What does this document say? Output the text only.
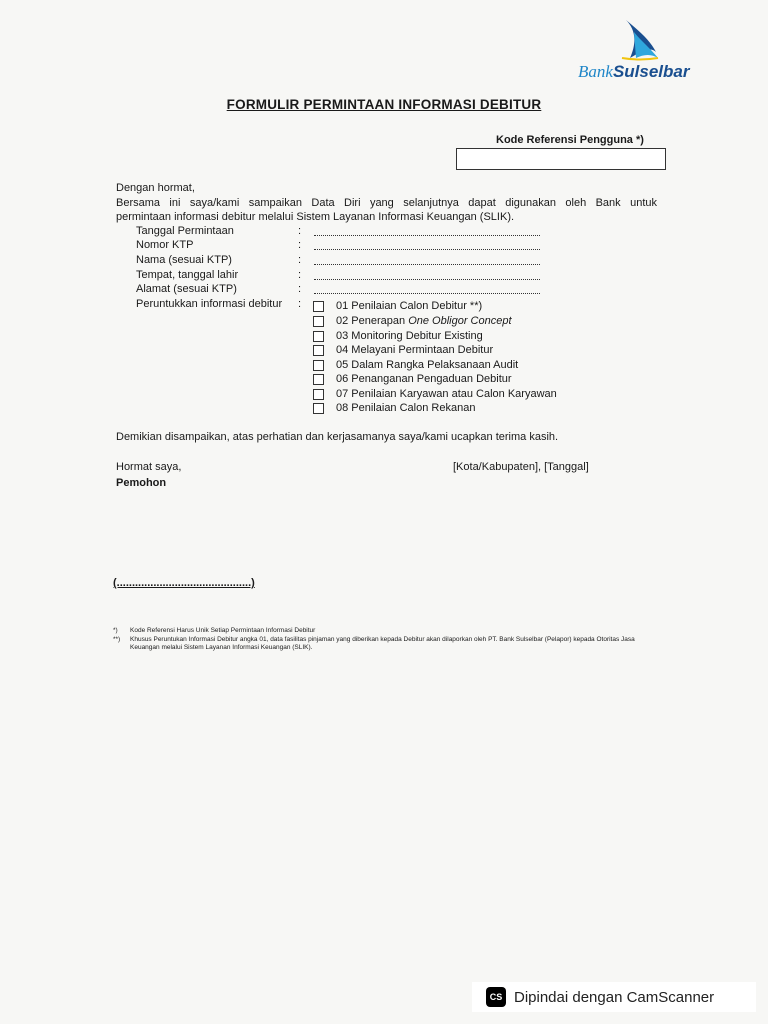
BankSulselbar
FORMULIR PERMINTAAN INFORMASI DEBITUR
Kode Referensi Pengguna *)

Dengan hormat,

Bersama ini saya/kami sampaikan Data Diri yang selanjutnya dapat digunakan oleh Bank untuk

permintaan informasi debitur melalui Sistem Layanan Informasi Keuangan (SLIK).

Tanggal Permintaan	:
Nomor KTP	:
Nama (sesuai KTP)	:
Tempat, tanggal lahir	:
Alamat (sesuai KTP)	:
Peruntukkan informasi debitur :	01 Penilaian Calon Debitur **)
02 Penerapan
One Obligor Concept
03 Monitoring Debitur Existing
04 Melayani Permintaan Debitur
05 Dalam Rangka Pelaksanaan Audit
06 Penanganan Pengaduan Debitur
07 Penilaian Karyawan atau Calon Karyawan
08 Penilaian Calon Rekanan
Demikian disampaikan, atas perhatian dan kerjasamanya saya/kami ucapkan terima kasih.
Hormat saya,
Pemohon
[Kota/Kabupaten], [Tanggal]
(............................................)
*)	Kode Referensi Harus Unik Setiap Permintaan Informasi Debitur
**)	Khusus Peruntukan Informasi Debitur angka 01, data fasilitas pinjaman yang diberikan kepada Debitur akan dilaporkan oleh PT. Bank Sulselbar (Pelapor) kepada Otoritas Jasa Keuangan melalui Sistem Layanan Informasi Keuangan (SLIK).
CS Dipindai dengan CamScanner
